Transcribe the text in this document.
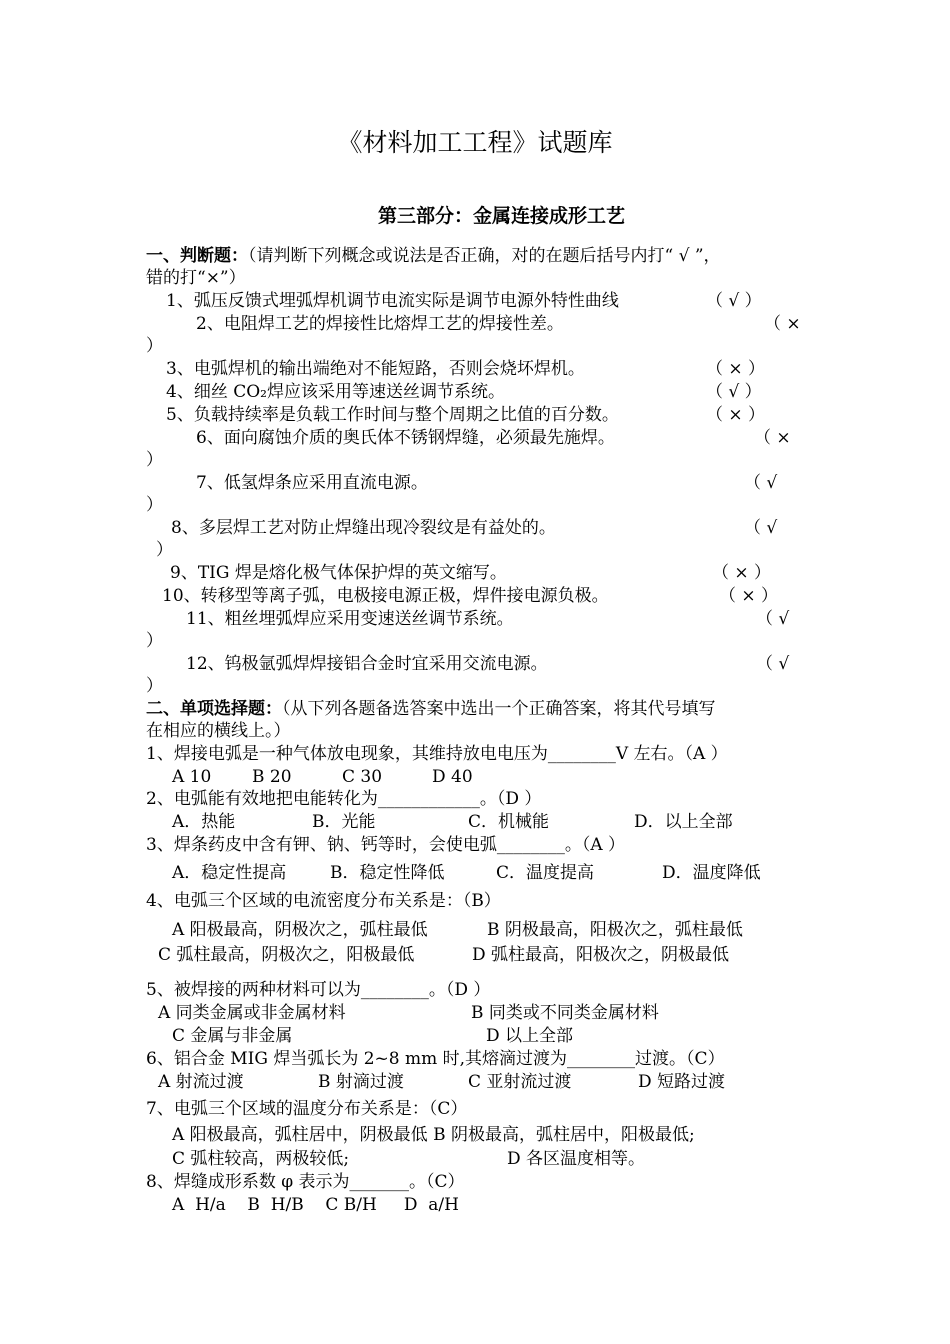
《材料加工工程》试题库
第三部分：金属连接成形工艺
一、判断题：（请判断下列概念或说法是否正确，对的在题后括号内打“ √ ”，
错的打“×”）
1、弧压反馈式埋弧焊机调节电流实际是调节电源外特性曲线	（ √ ）
2、电阻焊工艺的焊接性比熔焊工艺的焊接性差。	（ ×
）
3、电弧焊机的输出端绝对不能短路，否则会烧坏焊机。	（ × ）
4、细丝 CO₂焊应该采用等速送丝调节系统。	（ √ ）
5、负载持续率是负载工作时间与整个周期之比值的百分数。	（ × ）
6、面向腐蚀介质的奥氏体不锈钢焊缝，必须最先施焊。	（ ×
）
7、低氢焊条应采用直流电源。	（ √
）
8、多层焊工艺对防止焊缝出现冷裂纹是有益处的。	（ √
）
9、TIG 焊是熔化极气体保护焊的英文缩写。	（ × ）
10、转移型等离子弧，电极接电源正极，焊件接电源负极。	（ × ）
11、粗丝埋弧焊应采用变速送丝调节系统。	（ √
）
12、钨极氩弧焊焊接铝合金时宜采用交流电源。	（ √
）
二、单项选择题：（从下列各题备选答案中选出一个正确答案，将其代号填写
在相应的横线上。）
1、焊接电弧是一种气体放电现象，其维持放电电压为________V 左右。（A ）
A 10 B 20	C 30	D 40
2、电弧能有效地把电能转化为____________。（D ）
A．热能	B．光能	C．机械能	D．以上全部
3、焊条药皮中含有钾、钠、钙等时，会使电弧________。（A ）
A．稳定性提高	B．稳定性降低	C．温度提高	D．温度降低
4、电弧三个区域的电流密度分布关系是：（B）
A 阳极最高，阴极次之，弧柱最低	B 阴极最高，阳极次之，弧柱最低
C 弧柱最高，阴极次之，阳极最低	D 弧柱最高，阳极次之，阴极最低
5、被焊接的两种材料可以为________。（D ）
A 同类金属或非金属材料	B 同类或不同类金属材料
C 金属与非金属	D 以上全部
6、铝合金 MIG 焊当弧长为 2~8 mm 时,其熔滴过渡为________过渡。（C）
A 射流过渡	B 射滴过渡	C 亚射流过渡	D 短路过渡
7、电弧三个区域的温度分布关系是：（C）
A 阳极最高，弧柱居中，阴极最低 B 阴极最高，弧柱居中，阳极最低;
C 弧柱较高，两极较低;	D 各区温度相等。
8、焊缝成形系数 φ 表示为_______。（C）
A  H/a    B  H/B    C B/H     D  a/H
